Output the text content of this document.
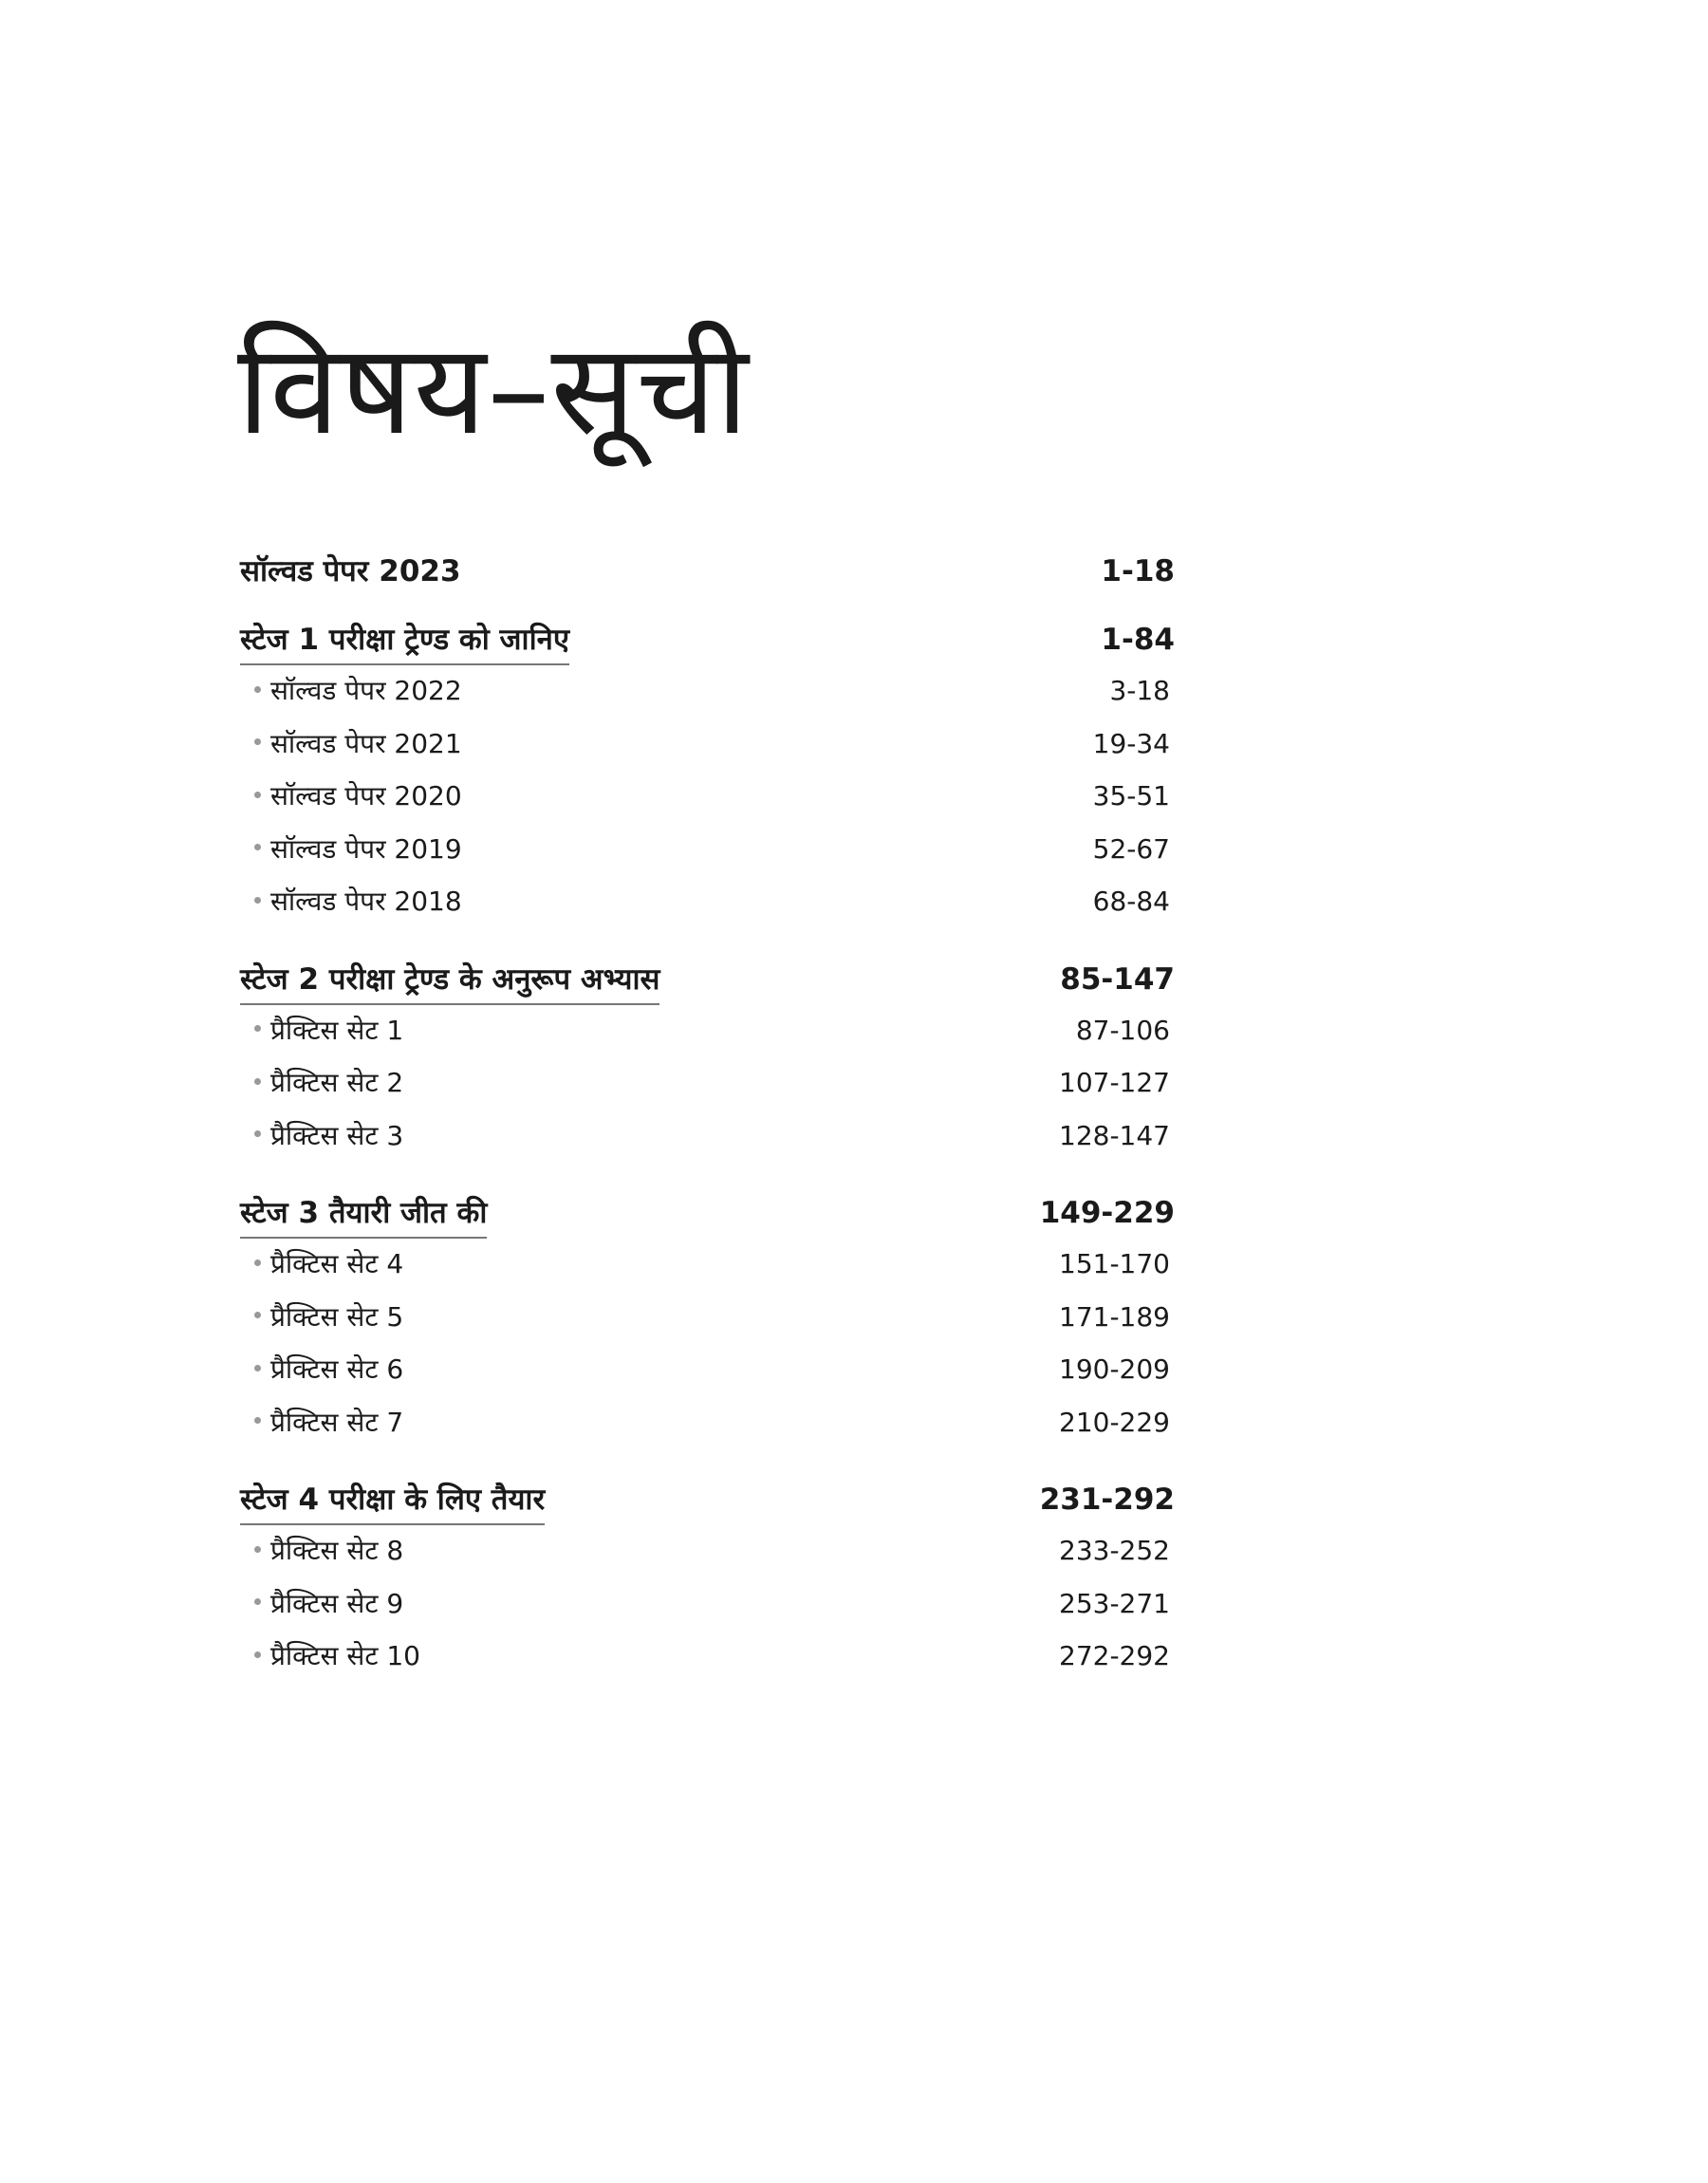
विषय–सूची
सॉल्वड पेपर 2023	1-18
स्टेज 1 परीक्षा ट्रेण्ड को जानिए	1-84
सॉल्वड पेपर 2022	3-18
सॉल्वड पेपर 2021	19-34
सॉल्वड पेपर 2020	35-51
सॉल्वड पेपर 2019	52-67
सॉल्वड पेपर 2018	68-84
स्टेज 2 परीक्षा ट्रेण्ड के अनुरूप अभ्यास	85-147
प्रैक्टिस सेट 1	87-106
प्रैक्टिस सेट 2	107-127
प्रैक्टिस सेट 3	128-147
स्टेज 3 तैयारी जीत की	149-229
प्रैक्टिस सेट 4	151-170
प्रैक्टिस सेट 5	171-189
प्रैक्टिस सेट 6	190-209
प्रैक्टिस सेट 7	210-229
स्टेज 4 परीक्षा के लिए तैयार	231-292
प्रैक्टिस सेट 8	233-252
प्रैक्टिस सेट 9	253-271
प्रैक्टिस सेट 10	272-292
